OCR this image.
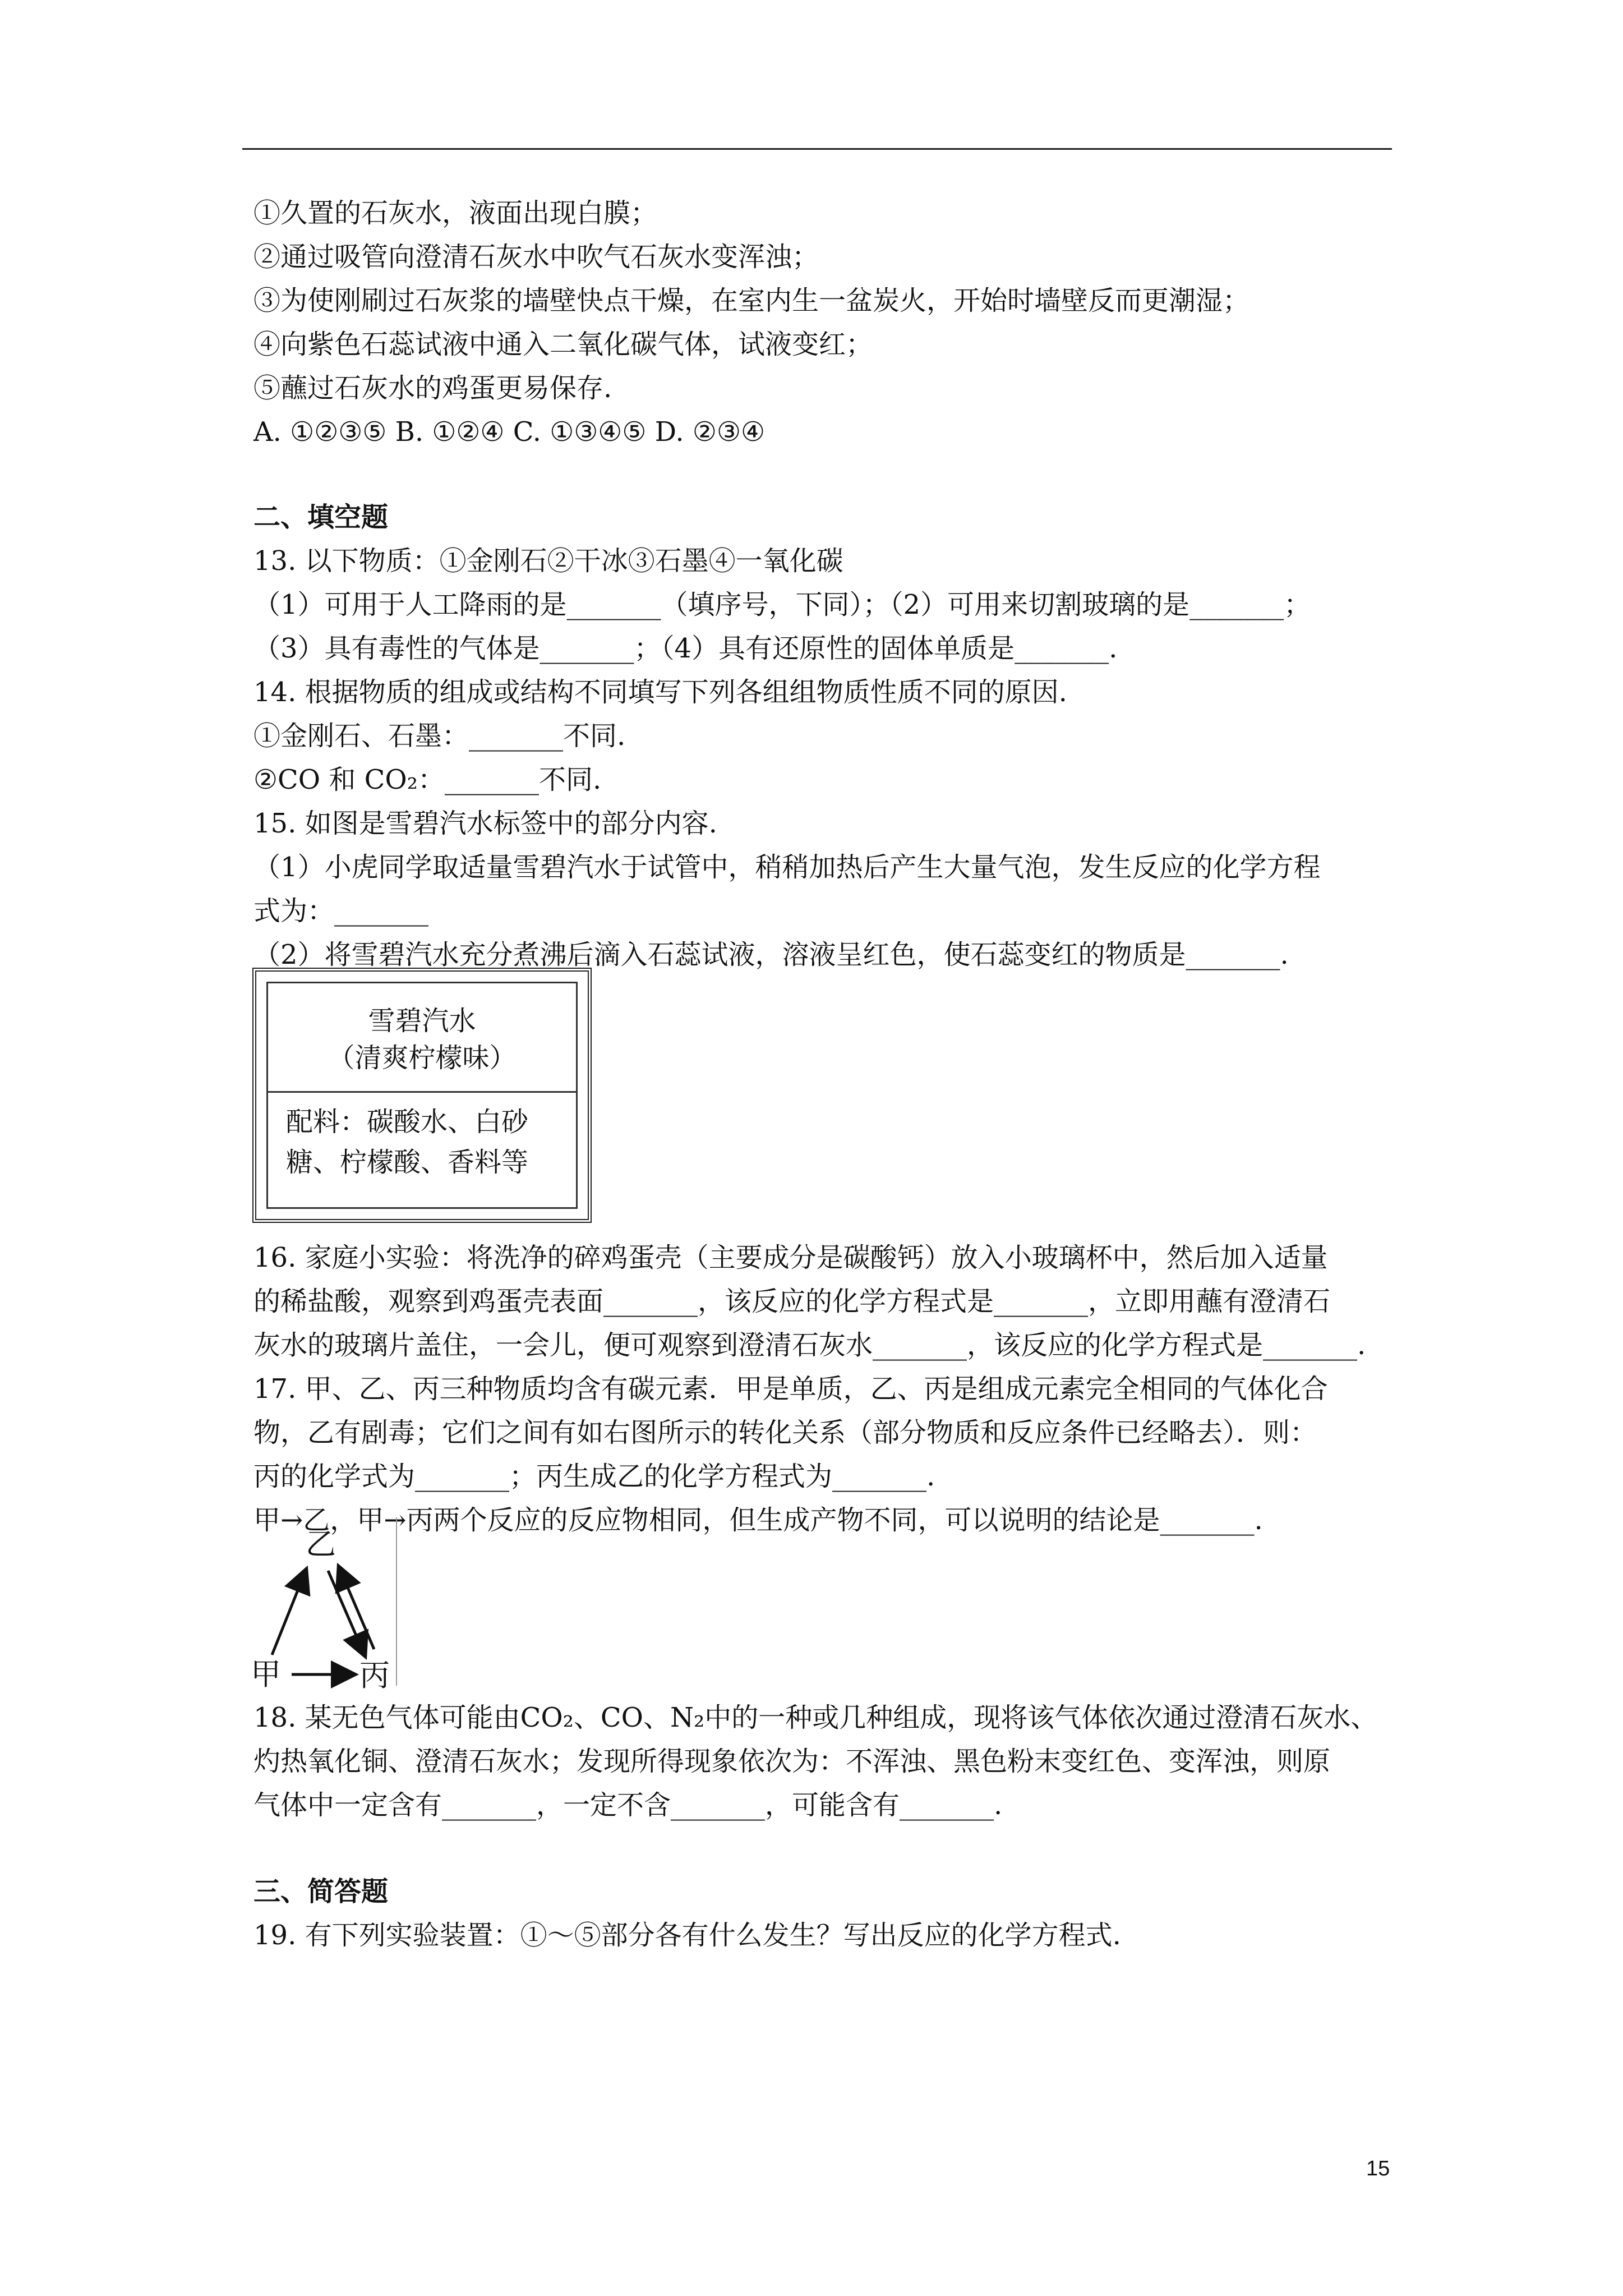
①久置的石灰水，液面出现白膜；
②通过吸管向澄清石灰水中吹气石灰水变浑浊；
③为使刚刷过石灰浆的墙壁快点干燥，在室内生一盆炭火，开始时墙壁反而更潮湿；
④向紫色石蕊试液中通入二氧化碳气体，试液变红；
⑤蘸过石灰水的鸡蛋更易保存.
A. ①②③⑤ B. ①②④ C. ①③④⑤ D. ②③④
二、填空题
13. 以下物质：①金刚石②干冰③石墨④一氧化碳
（1）可用于人工降雨的是_______（填序号，下同）；（2）可用来切割玻璃的是_______；
（3）具有毒性的气体是_______；（4）具有还原性的固体单质是_______.
14. 根据物质的组成或结构不同填写下列各组组物质性质不同的原因.
①金刚石、石墨：_______不同.
②CO 和 CO₂：_______不同.
15. 如图是雪碧汽水标签中的部分内容.
（1）小虎同学取适量雪碧汽水于试管中，稍稍加热后产生大量气泡，发生反应的化学方程
式为：_______
（2）将雪碧汽水充分煮沸后滴入石蕊试液，溶液呈红色，使石蕊变红的物质是_______.
16. 家庭小实验：将洗净的碎鸡蛋壳（主要成分是碳酸钙）放入小玻璃杯中，然后加入适量
的稀盐酸，观察到鸡蛋壳表面_______，该反应的化学方程式是_______，立即用蘸有澄清石
灰水的玻璃片盖住，一会儿，便可观察到澄清石灰水_______，该反应的化学方程式是_______.
17. 甲、乙、丙三种物质均含有碳元素．甲是单质，乙、丙是组成元素完全相同的气体化合
物，乙有剧毒；它们之间有如右图所示的转化关系（部分物质和反应条件已经略去）．则：
丙的化学式为_______；丙生成乙的化学方程式为_______.
甲→乙，甲→丙两个反应的反应物相同，但生成产物不同，可以说明的结论是_______.
18. 某无色气体可能由CO₂、CO、N₂中的一种或几种组成，现将该气体依次通过澄清石灰水、
灼热氧化铜、澄清石灰水；发现所得现象依次为：不浑浊、黑色粉末变红色、变浑浊，则原
气体中一定含有_______，一定不含_______，可能含有_______.
三、简答题
19. 有下列实验装置：①～⑤部分各有什么发生？写出反应的化学方程式.
雪碧汽水
（清爽柠檬味）
配料：碳酸水、白砂
糖、柠檬酸、香料等
乙
甲	丙
15
